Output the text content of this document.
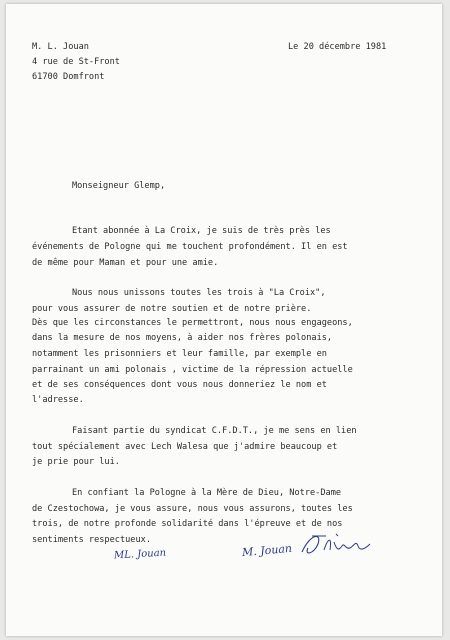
M. L. Jouan

4 rue de St-Front

61700 Domfront

Le 20 décembre 1981

Monseigneur Glemp,

Etant abonnée à La Croix, je suis de très près les

événements de Pologne qui me touchent profondément. Il en est

de même pour Maman et pour une amie.

Nous nous unissons toutes les trois à "La Croix",

pour vous assurer de notre soutien et de notre prière.

Dès que les circonstances le permettront, nous nous engageons,

dans la mesure de nos moyens, à aider nos frères polonais,

notamment les prisonniers et leur famille, par exemple en

parrainant un ami polonais , victime de la répression actuelle

et de ses conséquences dont vous nous donneriez le nom et

l'adresse.

Faisant partie du syndicat C.F.D.T., je me sens en lien

tout spécialement avec Lech Walesa que j'admire beaucoup et

je prie pour lui.

En confiant la Pologne à la Mère de Dieu, Notre-Dame

de Czestochowa, je vous assure, nous vous assurons, toutes les

trois, de notre profonde solidarité dans l'épreuve et de nos

sentiments respectueux.

ML. Jouan	M. Jouan
